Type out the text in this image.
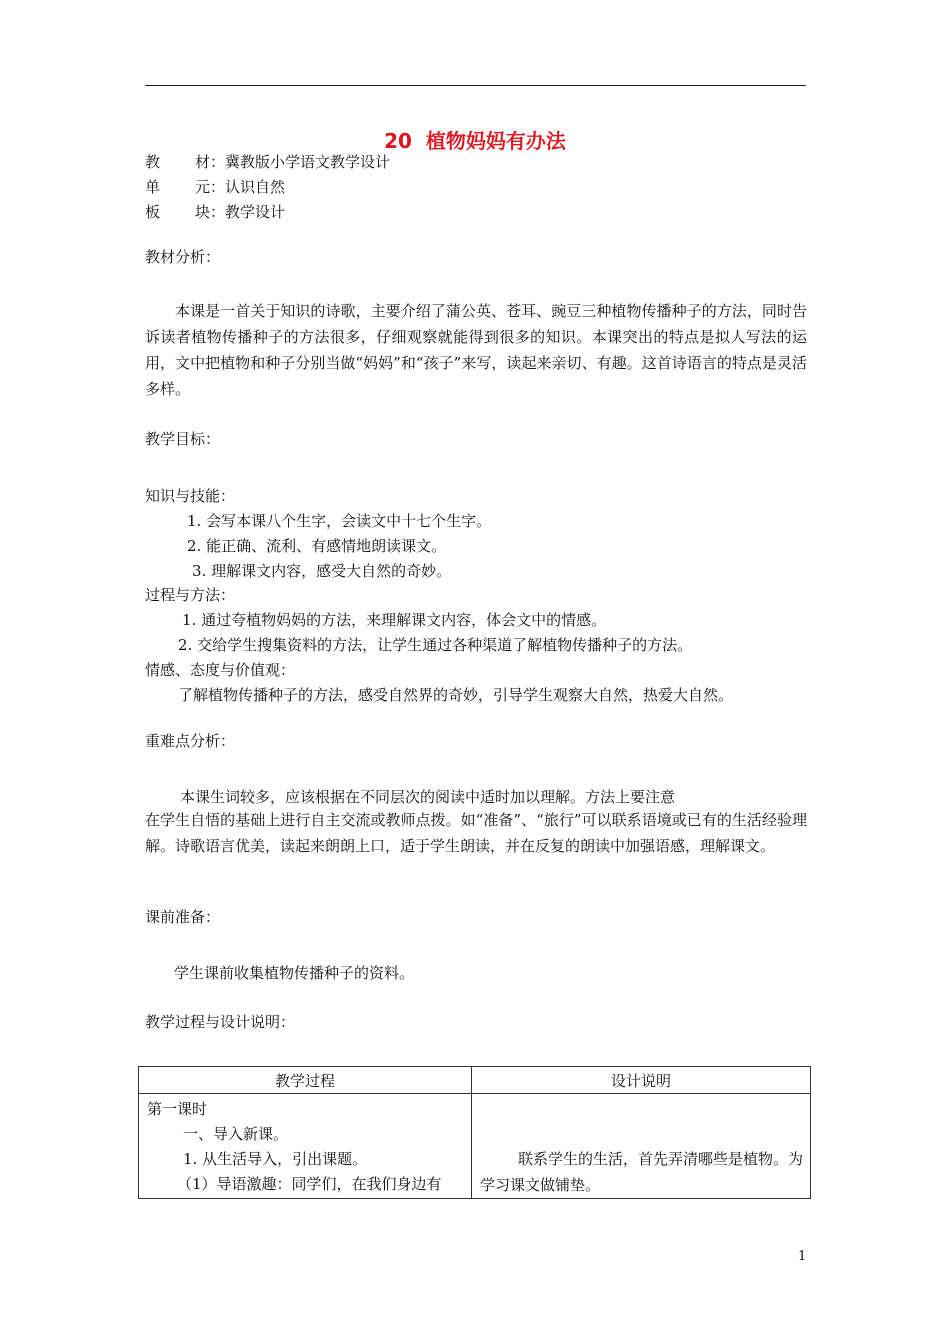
20 植物妈妈有办法
教 材：冀教版小学语文教学设计
单 元：认识自然
板 块：教学设计
教材分析：

本课是一首关于知识的诗歌，主要介绍了蒲公英、苍耳、豌豆三种植物传播种子的方法，同时告诉读者植物传播种子的方法很多，仔细观察就能得到很多的知识。本课突出的特点是拟人写法的运用，文中把植物和种子分别当做“妈妈”和“孩子”来写，读起来亲切、有趣。这首诗语言的特点是灵活多样。

教学目标：
知识与技能：
1. 会写本课八个生字，会读文中十七个生字。
2. 能正确、流利、有感情地朗读课文。
3. 理解课文内容，感受大自然的奇妙。
过程与方法：
1. 通过夸植物妈妈的方法，来理解课文内容，体会文中的情感。
2. 交给学生搜集资料的方法，让学生通过各种渠道了解植物传播种子的方法。
情感、态度与价值观：
了解植物传播种子的方法，感受自然界的奇妙，引导学生观察大自然，热爱大自然。
重难点分析：
本课生词较多，应该根据在不同层次的阅读中适时加以理解。方法上要注意

在学生自悟的基础上进行自主交流或教师点拨。如“准备”、“旅行”可以联系语境或已有的生活经验理解。诗歌语言优美，读起来朗朗上口，适于学生朗读，并在反复的朗读中加强语感，理解课文。

课前准备：
学生课前收集植物传播种子的资料。
教学过程与设计说明：
教学过程	设计说明

第一课时
一、导入新课。
1. 从生活导入，引出课题。
（1）导语激趣：同学们，在我们身边有	联系学生的生活，首先弄清哪些是植物。为学习课文做铺垫。
1
